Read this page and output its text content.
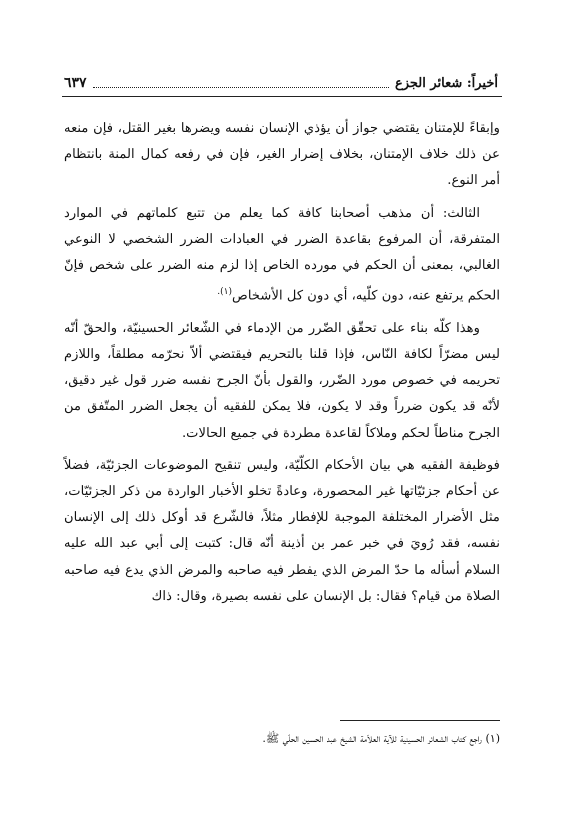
أخيراً: شعائر الجزع
٦٣٧

وإبقاءً للإمتنان يقتضي جواز أن يؤذي الإنسان نفسه ويضرها بغير القتل، فإن منعه عن ذلك خلاف الإمتنان، بخلاف إضرار الغير، فإن في رفعه كمال المنة بانتظام أمر النوع.

الثالث: أن مذهب أصحابنا كافة كما يعلم من تتبع كلماتهم في الموارد المتفرقة، أن المرفوع بقاعدة الضرر في العبادات الضرر الشخصي لا النوعي الغالبي، بمعنى أن الحكم في مورده الخاص إذا لزم منه الضرر على شخص فإنّ الحكم يرتفع عنه، دون كلّيه، أي دون كل الأشخاص$^{(١).}$

وهذا كلّه بناء على تحقّق الضّرر من الإدماء في الشّعائر الحسينيّة، والحقّ أنّه ليس مضرّاً لكافة النّاس، فإذا قلنا بالتحريم فيقتضي ألاّ نحرّمه مطلقاً، واللازم تحريمه في خصوص مورد الضّرر، والقول بأنّ الجرح نفسه ضرر قول غير دقيق، لأنّه قد يكون ضرراً وقد لا يكون، فلا يمكن للفقيه أن يجعل الضرر المتّفق من الجرح مناطاً لحكم وملاكاً لقاعدة مطردة في جميع الحالات.

فوظيفة الفقيه هي بيان الأحكام الكلّيّة، وليس تنقيح الموضوعات الجزئيّة، فضلاً عن أحكام جزئيّاتها غير المحصورة، وعادةً تخلو الأخبار الواردة من ذكر الجزئيّات، مثل الأضرار المختلفة الموجبة للإفطار مثلاً، فالشّرع قد أوكل ذلك إلى الإنسان نفسه، فقد رُويَ في خبر عمر بن أذينة أنّه قال: كتبت إلى أبي عبد الله عليه السلام أسأله ما حدّ المرض الذي يفطر فيه صاحبه والمرض الذي يدع فيه صاحبه الصلاة من قيام؟ فقال: بل الإنسان على نفسه بصيرة، وقال: ذاك

(١) راجع كتاب الشعائر الحسينية للآية العلاّمة الشيخ عبد الحسين الحلّي ﷺ.
